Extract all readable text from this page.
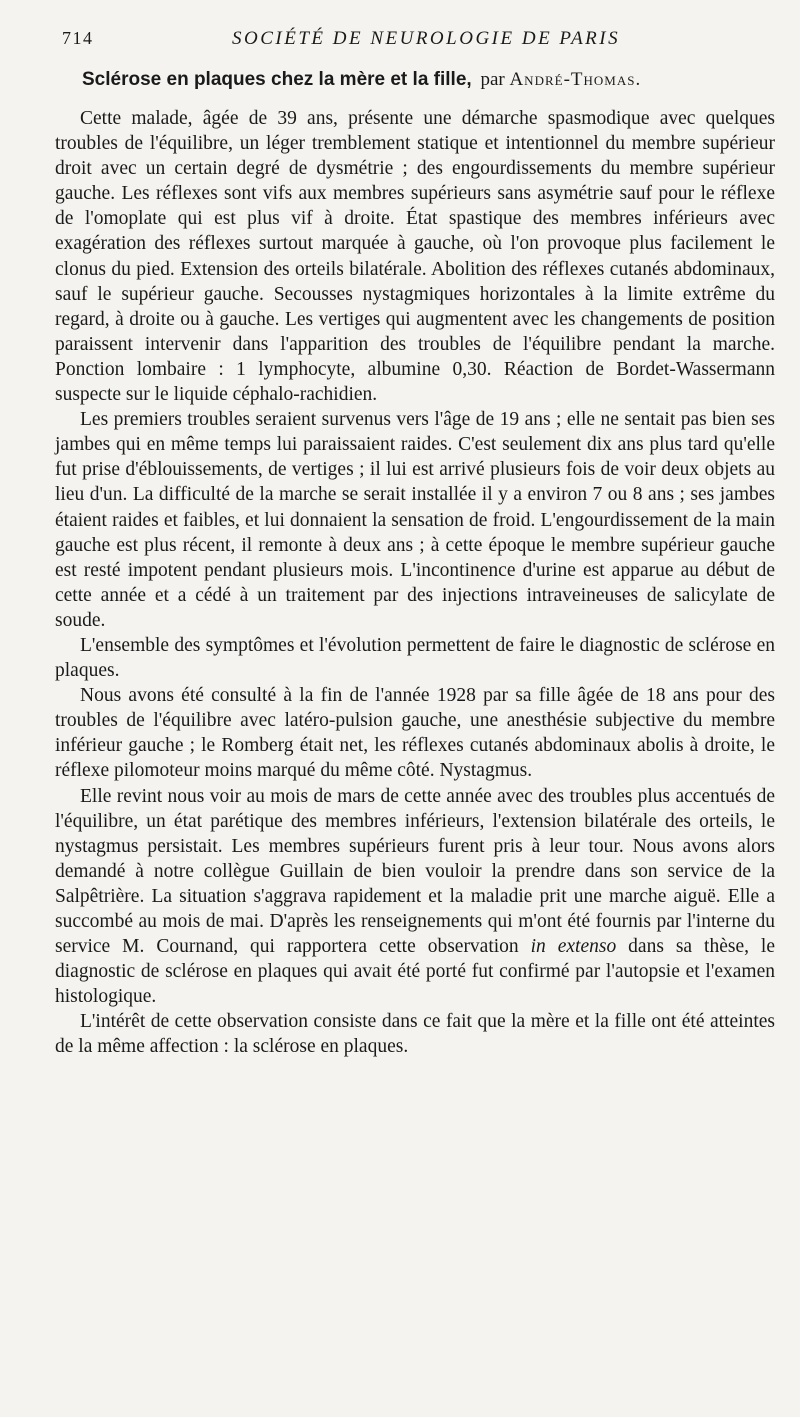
714	SOCIÉTÉ DE NEUROLOGIE DE PARIS
Sclérose en plaques chez la mère et la fille, par André-Thomas.

Cette malade, âgée de 39 ans, présente une démarche spasmodique avec quelques troubles de l'équilibre, un léger tremblement statique et intentionnel du membre supérieur droit avec un certain degré de dysmétrie ; des engourdissements du membre supérieur gauche. Les réflexes sont vifs aux membres supérieurs sans asymétrie sauf pour le réflexe de l'omoplate qui est plus vif à droite. État spastique des membres inférieurs avec exagération des réflexes surtout marquée à gauche, où l'on provoque plus facilement le clonus du pied. Extension des orteils bilatérale. Abolition des réflexes cutanés abdominaux, sauf le supérieur gauche. Secousses nystagmiques horizontales à la limite extrême du regard, à droite ou à gauche. Les vertiges qui augmentent avec les changements de position paraissent intervenir dans l'apparition des troubles de l'équilibre pendant la marche. Ponction lombaire : 1 lymphocyte, albumine 0,30. Réaction de Bordet-Wassermann suspecte sur le liquide céphalo-rachidien.

Les premiers troubles seraient survenus vers l'âge de 19 ans ; elle ne sentait pas bien ses jambes qui en même temps lui paraissaient raides. C'est seulement dix ans plus tard qu'elle fut prise d'éblouissements, de vertiges ; il lui est arrivé plusieurs fois de voir deux objets au lieu d'un. La difficulté de la marche se serait installée il y a environ 7 ou 8 ans ; ses jambes étaient raides et faibles, et lui donnaient la sensation de froid. L'engourdissement de la main gauche est plus récent, il remonte à deux ans ; à cette époque le membre supérieur gauche est resté impotent pendant plusieurs mois. L'incontinence d'urine est apparue au début de cette année et a cédé à un traitement par des injections intraveineuses de salicylate de soude.

L'ensemble des symptômes et l'évolution permettent de faire le diagnostic de sclérose en plaques.

Nous avons été consulté à la fin de l'année 1928 par sa fille âgée de 18 ans pour des troubles de l'équilibre avec latéro-pulsion gauche, une anesthésie subjective du membre inférieur gauche ; le Romberg était net, les réflexes cutanés abdominaux abolis à droite, le réflexe pilomoteur moins marqué du même côté. Nystagmus.

Elle revint nous voir au mois de mars de cette année avec des troubles plus accentués de l'équilibre, un état parétique des membres inférieurs, l'extension bilatérale des orteils, le nystagmus persistait. Les membres supérieurs furent pris à leur tour. Nous avons alors demandé à notre collègue Guillain de bien vouloir la prendre dans son service de la Salpêtrière. La situation s'aggrava rapidement et la maladie prit une marche aiguë. Elle a succombé au mois de mai. D'après les renseignements qui m'ont été fournis par l'interne du service M. Cournand, qui rapportera cette observation in extenso dans sa thèse, le diagnostic de sclérose en plaques qui avait été porté fut confirmé par l'autopsie et l'examen histologique.

L'intérêt de cette observation consiste dans ce fait que la mère et la fille ont été atteintes de la même affection : la sclérose en plaques.
